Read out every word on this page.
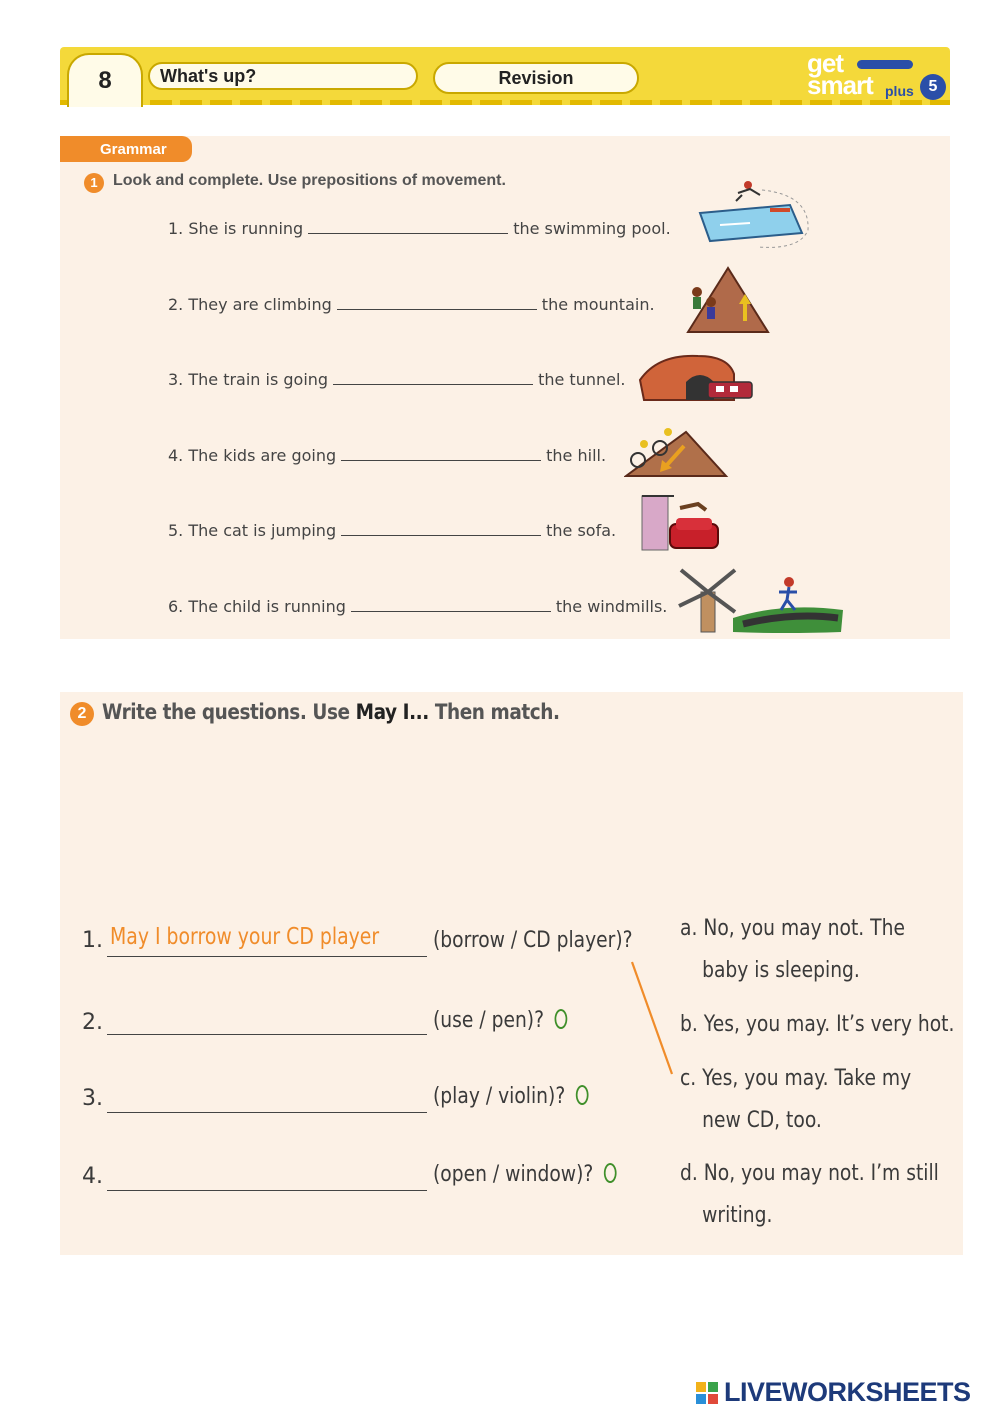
8	What's up?	Revision	get
smart plus 5
Grammar
1 Look and complete. Use prepositions of movement.
1. She is running	the swimming pool.
2. They are climbing	the mountain.
3. The train is going	the tunnel.
4. The kids are going	the hill.
5. The cat is jumping	the sofa.
6. The child is running	the windmills.
2 Write the questions. Use May I... Then match.
1. May I borrow your CD player (borrow / CD player)?
2.	(use / pen)?
3.	(play / violin)?
4.	(open / window)?
a. No, you may not. The
baby is sleeping.
b. Yes, you may. It’s very hot.
c. Yes, you may. Take my
new CD, too.
d. No, you may not. I’m still
writing.
LIVEWORKSHEETS
